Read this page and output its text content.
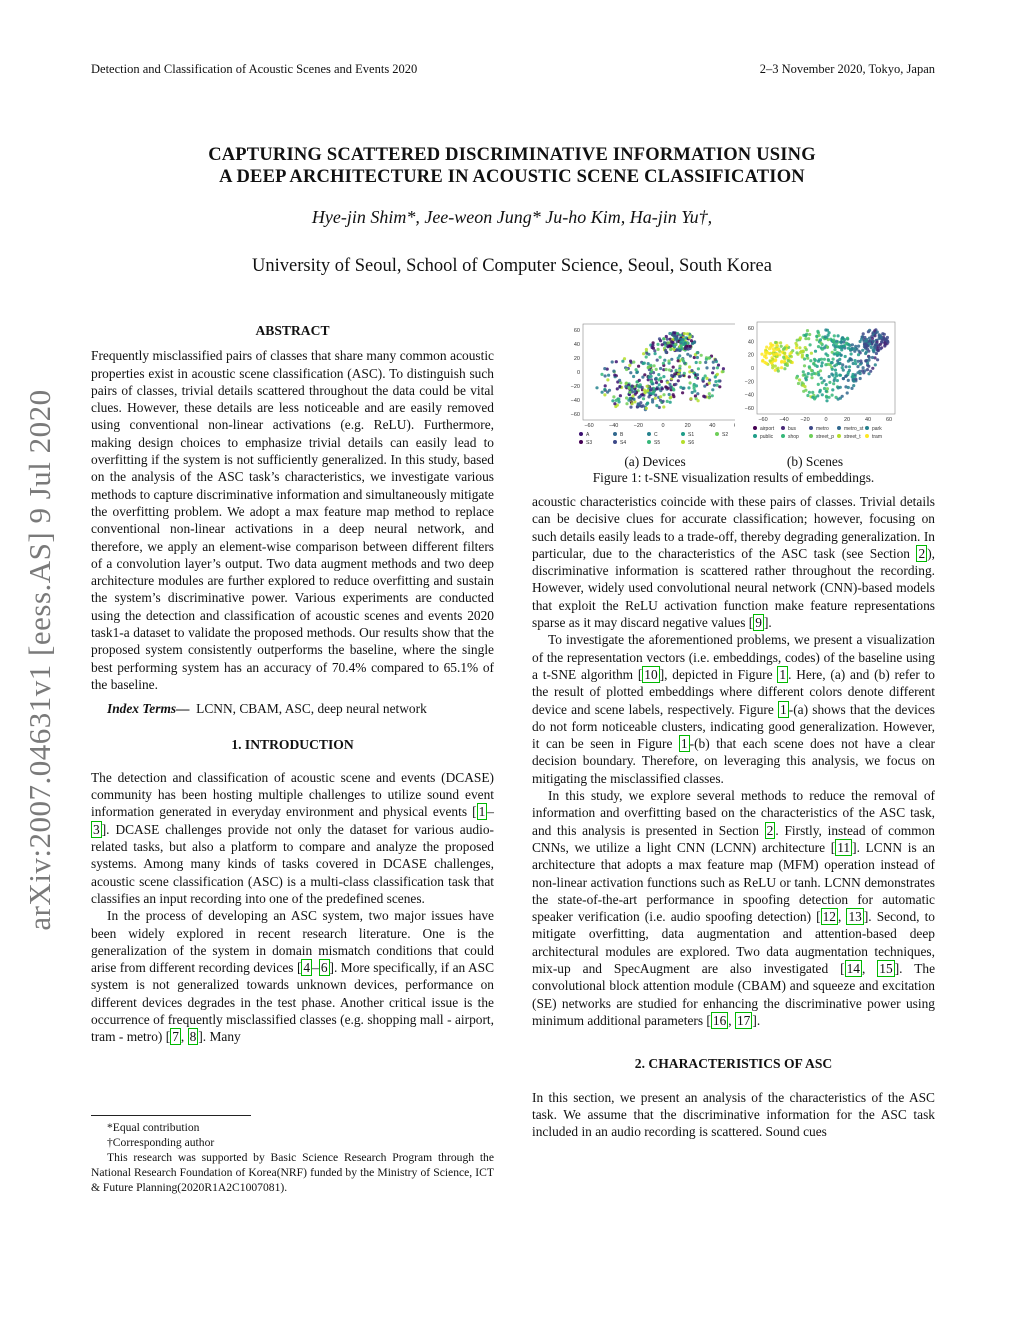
Detection and Classification of Acoustic Scenes and Events 2020	2–3 November 2020, Tokyo, Japan
arXiv:2007.04631v1 [eess.AS] 9 Jul 2020
CAPTURING SCATTERED DISCRIMINATIVE INFORMATION USING
A DEEP ARCHITECTURE IN ACOUSTIC SCENE CLASSIFICATION
Hye-jin Shim*, Jee-weon Jung* Ju-ho Kim, Ha-jin Yu†,
University of Seoul, School of Computer Science, Seoul, South Korea
ABSTRACT

Frequently misclassified pairs of classes that share many common acoustic properties exist in acoustic scene classification (ASC). To distinguish such pairs of classes, trivial details scattered throughout the data could be vital clues. However, these details are less noticeable and are easily removed using conventional non-linear activations (e.g. ReLU). Furthermore, making design choices to emphasize trivial details can easily lead to overfitting if the system is not sufficiently generalized. In this study, based on the analysis of the ASC task’s characteristics, we investigate various methods to capture discriminative information and simultaneously mitigate the overfitting problem. We adopt a max feature map method to replace conventional non-linear activations in a deep neural network, and therefore, we apply an element-wise comparison between different filters of a convolution layer’s output. Two data augment methods and two deep architecture modules are further explored to reduce overfitting and sustain the system’s discriminative power. Various experiments are conducted using the detection and classification of acoustic scenes and events 2020 task1-a dataset to validate the proposed methods. Our results show that the proposed system consistently outperforms the baseline, where the single best performing system has an accuracy of 70.4% compared to 65.1% of the baseline.

Index Terms— LCNN, CBAM, ASC, deep neural network

1. INTRODUCTION

The detection and classification of acoustic scene and events (DCASE) community has been hosting multiple challenges to utilize sound event information generated in everyday environment and physical events [ 1 –3 ]. DCASE challenges provide not only the dataset for various audio-related tasks, but also a platform to compare and analyze the proposed systems. Among many kinds of tasks covered in DCASE challenges, acoustic scene classification (ASC) is a multi-class classification task that classifies an input recording into one of the predefined scenes.

In the process of developing an ASC system, two major issues have been widely explored in recent research literature. One is the generalization of the system in domain mismatch conditions that could arise from different recording devices [ 4 – 6 ]. More specifically, if an ASC system is not generalized towards unknown devices, performance on different devices degrades in the test phase. Another critical issue is the occurrence of frequently misclassified classes (e.g. shopping mall - airport, tram - metro) [ 7 , 8 ]. Many

*Equal contribution
†Corresponding author
This research was supported by Basic Science Research Program through the National Research Foundation of Korea(NRF) funded by the Ministry of Science, ICT & Future Planning(2020R1A2C1007081).
60
40
20
0
−20
−40
−60
−60	−40	−20	0	20	40
A	B	C	S1	S2
S3	S4	S5	S6
60
40
20
0
−20
−40
−60
−60 −40 −20	0	20	40	60
airport	bus	metro	metro_st park
public	shop	street_p street_t tram
(a) Devices	(b) Scenes
Figure 1: t-SNE visualization results of embeddings.

acoustic characteristics coincide with these pairs of classes. Trivial details can be decisive clues for accurate classification; however, focusing on such details easily leads to a trade-off, thereby degrading generalization. In particular, due to the characteristics of the ASC task (see Section 2 ), discriminative information is scattered rather throughout the recording. However, widely used convolutional neural network (CNN)-based models that exploit the ReLU activation function make feature representations sparse as it may discard negative values [ 9 ].

To investigate the aforementioned problems, we present a visualization of the representation vectors (i.e. embeddings, codes) of the baseline using a t-SNE algorithm [ 10 ], depicted in Figure 1 . Here, (a) and (b) refer to the result of plotted embeddings where different colors denote different device and scene labels, respectively. Figure 1 -(a) shows that the devices do not form noticeable clusters, indicating good generalization. However, it can be seen in Figure 1 -(b) that each scene does not have a clear decision boundary. Therefore, on leveraging this analysis, we focus on mitigating the misclassified classes.

In this study, we explore several methods to reduce the removal of information and overfitting based on the characteristics of the ASC task, and this analysis is presented in Section 2 . Firstly, instead of common CNNs, we utilize a light CNN (LCNN) architecture [ 11 ]. LCNN is an architecture that adopts a max feature map (MFM) operation instead of non-linear activation functions such as ReLU or tanh. LCNN demonstrates the state-of-the-art performance in spoofing detection for automatic speaker verification (i.e. audio spoofing detection) [ 12 , 13 ]. Second, to mitigate overfitting, data augmentation and attention-based deep architectural modules are explored. Two data augmentation techniques, mix-up and SpecAugment are also investigated [ 14 , 15 ]. The convolutional block attention module (CBAM) and squeeze and excitation (SE) networks are studied for enhancing the discriminative power using minimum additional parameters [ 16 , 17 ].

2. CHARACTERISTICS OF ASC

In this section, we present an analysis of the characteristics of the ASC task. We assume that the discriminative information for the ASC task included in an audio recording is scattered. Sound cues
